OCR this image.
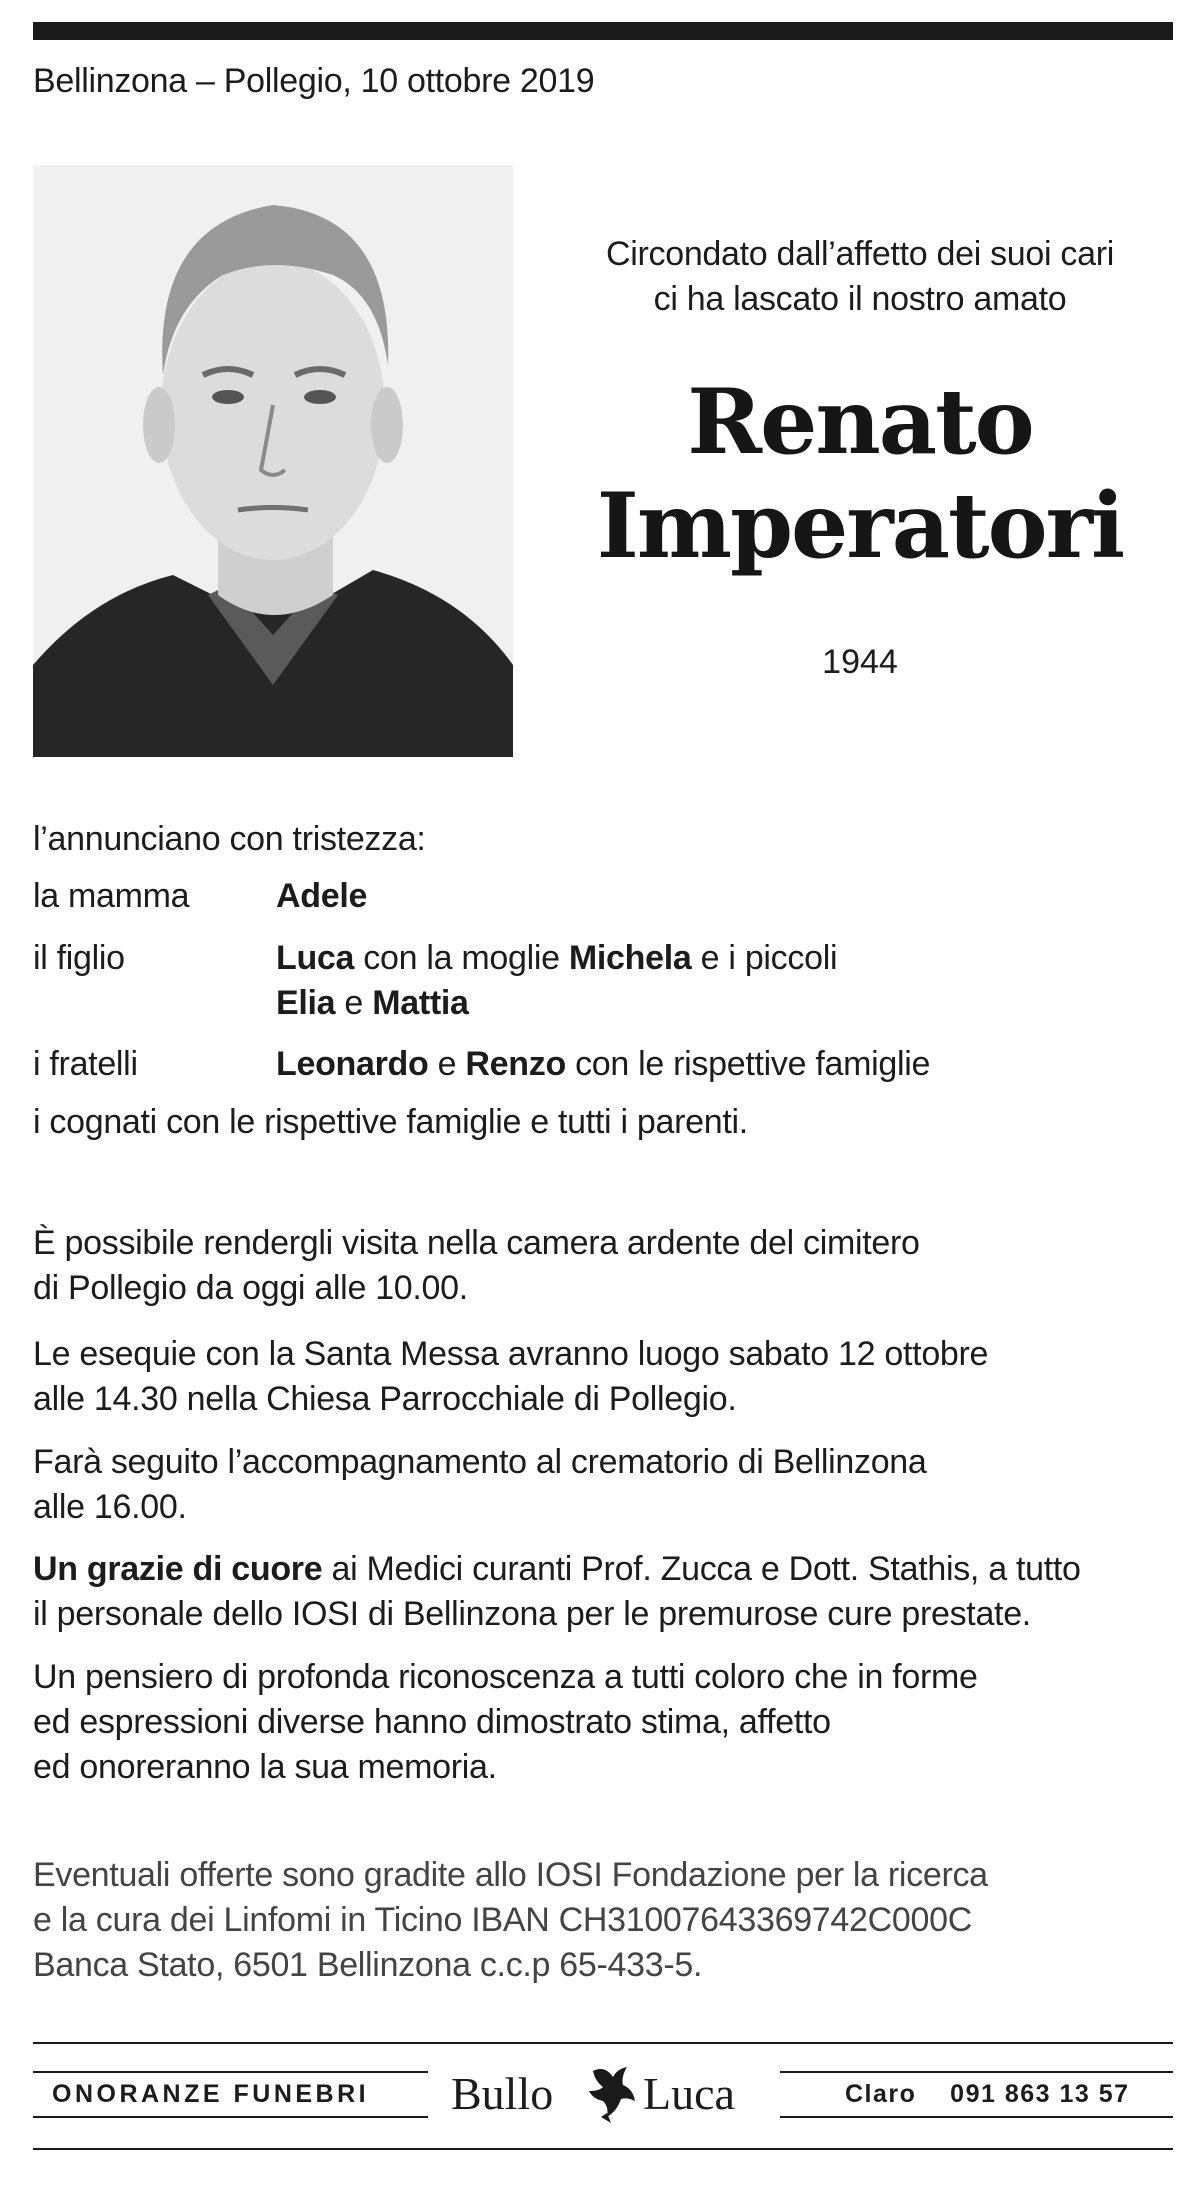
Bellinzona – Pollegio, 10 ottobre 2019
Circondato dall’affetto dei suoi cari
ci ha lascato il nostro amato
Renato
Imperatori
1944
l’annunciano con tristezza:
la mamma	Adele
il figlio	Luca con la moglie Michela e i piccoli
Elia e Mattia
i fratelli	Leonardo e Renzo con le rispettive famiglie
i cognati con le rispettive famiglie e tutti i parenti.
È possibile rendergli visita nella camera ardente del cimitero
di Pollegio da oggi alle 10.00.
Le esequie con la Santa Messa avranno luogo sabato 12 ottobre
alle 14.30 nella Chiesa Parrocchiale di Pollegio.
Farà seguito l’accompagnamento al crematorio di Bellinzona
alle 16.00.
Un grazie di cuore ai Medici curanti Prof. Zucca e Dott. Stathis, a tutto
il personale dello IOSI di Bellinzona per le premurose cure prestate.
Un pensiero di profonda riconoscenza a tutti coloro che in forme
ed espressioni diverse hanno dimostrato stima, affetto
ed onoreranno la sua memoria.
Eventuali offerte sono gradite allo IOSI Fondazione per la ricerca
e la cura dei Linfomi in Ticino IBAN CH31007643369742C000C
Banca Stato, 6501 Bellinzona c.c.p 65-433-5.
ONORANZE FUNEBRI Bullo Luca	Claro    091 863 13 57
